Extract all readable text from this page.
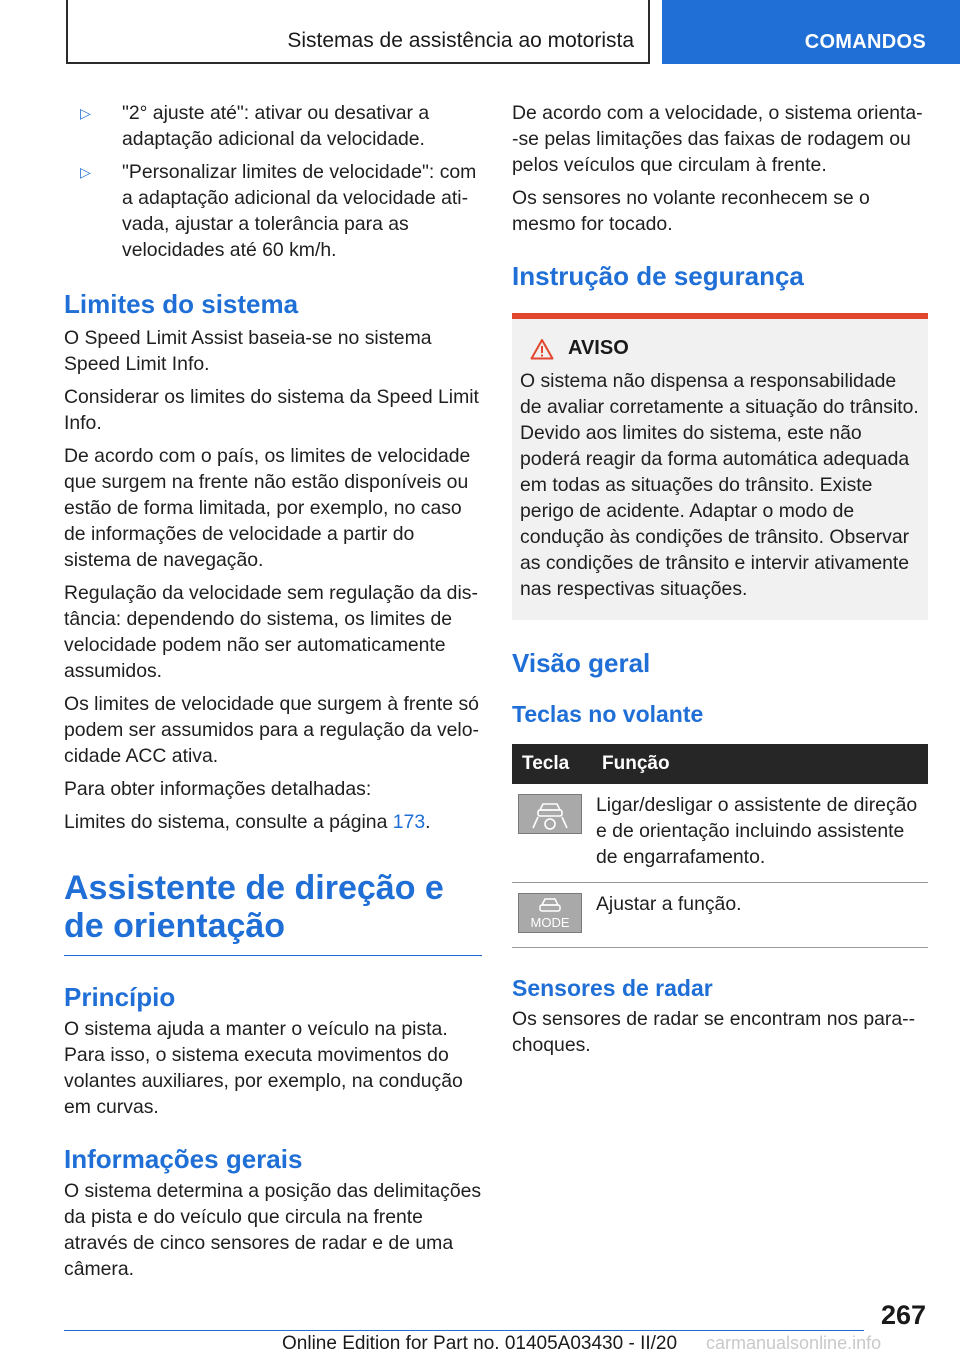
Sistemas de assistência ao motorista	COMANDOS
▷ "2° ajuste até": ativar ou desativar a adaptação adicional da velocidade.
▷ "Personalizar limites de velocidade": com a adaptação adicional da velocidade ativada, ajustar a tolerância para as velocidades até 60 km/h.
Limites do sistema

O Speed Limit Assist baseia-se no sistema Speed Limit Info.

Considerar os limites do sistema da Speed Limit Info.

De acordo com o país, os limites de velocidade que surgem na frente não estão disponíveis ou estão de forma limitada, por exemplo, no caso de informações de velocidade a partir do sistema de navegação.

Regulação da velocidade sem regulação da distância: dependendo do sistema, os limites de velocidade podem não ser automaticamente assumidos.

Os limites de velocidade que surgem à frente só podem ser assumidos para a regulação da velocidade ACC ativa.

Para obter informações detalhadas:

Limites do sistema, consulte a página 173.

Assistente de direção e de orientação
Princípio

O sistema ajuda a manter o veículo na pista. Para isso, o sistema executa movimentos do volantes auxiliares, por exemplo, na condução em curvas.

Informações gerais

O sistema determina a posição das delimitações da pista e do veículo que circula na frente através de cinco sensores de radar e de uma câmera.

De acordo com a velocidade, o sistema orienta--se pelas limitações das faixas de rodagem ou pelos veículos que circulam à frente.

Os sensores no volante reconhecem se o mesmo for tocado.

Instrução de segurança
AVISO

O sistema não dispensa a responsabilidade de avaliar corretamente a situação do trânsito. Devido aos limites do sistema, este não poderá reagir da forma automática adequada em todas as situações do trânsito. Existe perigo de acidente. Adaptar o modo de condução às condições de trânsito. Observar as condições de trânsito e intervir ativamente nas respectivas situações.

Visão geral
Teclas no volante
Tecla	Função

	Ligar/desligar o assistente de direção e de orientação incluindo assistente de engarrafamento.

MODE	Ajustar a função.
Sensores de radar

Os sensores de radar se encontram nos para--choques.

267
Online Edition for Part no. 01405A03430 - II/20 carmanualsonline.info
